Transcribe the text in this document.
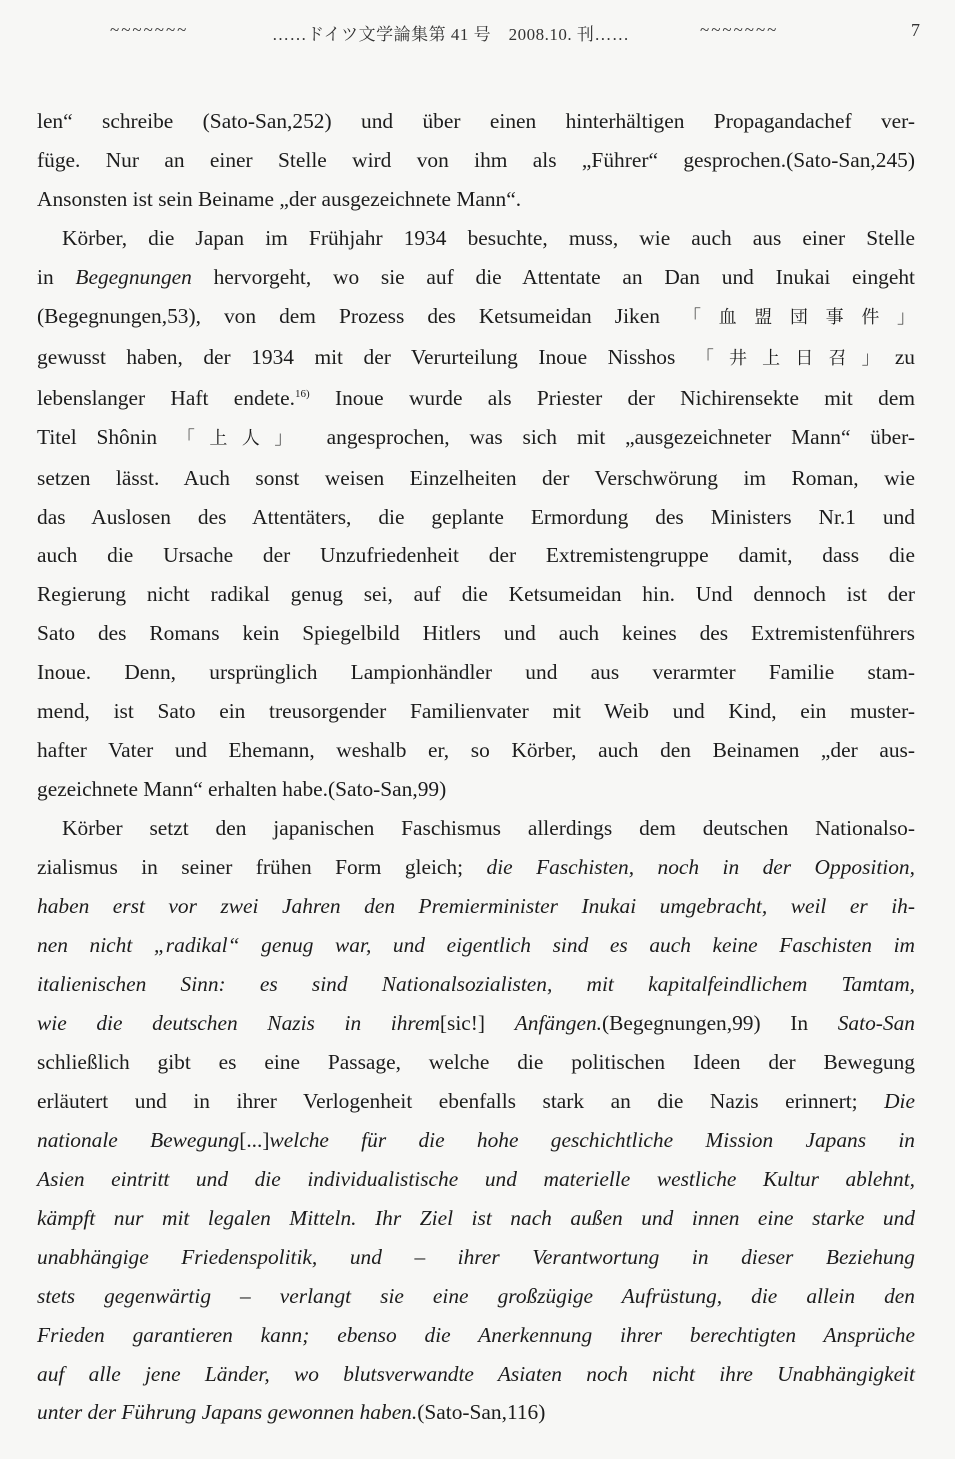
~~~~~~~	……ドイツ文学論集第 41 号　2008.10. 刊……	~~~~~~~	7
len“ schreibe (Sato-San,252) und über einen hinterhältigen Propagandachef ver-
füge. Nur an einer Stelle wird von ihm als „Führer“ gesprochen.(Sato-San,245)
Ansonsten ist sein Beiname „der ausgezeichnete Mann“.
Körber, die Japan im Frühjahr 1934 besuchte, muss, wie auch aus einer Stelle
in Begegnungen hervorgeht, wo sie auf die Attentate an Dan und Inukai eingeht
(Begegnungen,53), von dem Prozess des Ketsumeidan Jiken 「血盟団事件」
gewusst haben, der 1934 mit der Verurteilung Inoue Nisshos 「井上日召」zu
lebenslanger Haft endete.$^{16)}$ Inoue wurde als Priester der Nichirensekte mit dem
Titel Shônin 「上人」 angesprochen, was sich mit „ausgezeichneter Mann“ über-
setzen lässt. Auch sonst weisen Einzelheiten der Verschwörung im Roman, wie
das Auslosen des Attentäters, die geplante Ermordung des Ministers Nr.1 und
auch die Ursache der Unzufriedenheit der Extremistengruppe damit, dass die
Regierung nicht radikal genug sei, auf die Ketsumeidan hin. Und dennoch ist der
Sato des Romans kein Spiegelbild Hitlers und auch keines des Extremistenführers
Inoue. Denn, ursprünglich Lampionhändler und aus verarmter Familie stam-
mend, ist Sato ein treusorgender Familienvater mit Weib und Kind, ein muster-
hafter Vater und Ehemann, weshalb er, so Körber, auch den Beinamen „der aus-
gezeichnete Mann“ erhalten habe.(Sato-San,99)
Körber setzt den japanischen Faschismus allerdings dem deutschen Nationalso-
zialismus in seiner frühen Form gleich; die Faschisten, noch in der Opposition,
haben erst vor zwei Jahren den Premierminister Inukai umgebracht, weil er ih-
nen nicht „radikal“ genug war, und eigentlich sind es auch keine Faschisten im
italienischen Sinn: es sind Nationalsozialisten, mit kapitalfeindlichem Tamtam,
wie die deutschen Nazis in ihrem[sic!] Anfängen.(Begegnungen,99) In Sato-San
schließlich gibt es eine Passage, welche die politischen Ideen der Bewegung
erläutert und in ihrer Verlogenheit ebenfalls stark an die Nazis erinnert; Die
nationale Bewegung[...]welche für die hohe geschichtliche Mission Japans in
Asien eintritt und die individualistische und materielle westliche Kultur ablehnt,
kämpft nur mit legalen Mitteln. Ihr Ziel ist nach außen und innen eine starke und
unabhängige Friedenspolitik, und – ihrer Verantwortung in dieser Beziehung
stets gegenwärtig – verlangt sie eine großzügige Aufrüstung, die allein den
Frieden garantieren kann; ebenso die Anerkennung ihrer berechtigten Ansprüche
auf alle jene Länder, wo blutsverwandte Asiaten noch nicht ihre Unabhängigkeit
unter der Führung Japans gewonnen haben.(Sato-San,116)
